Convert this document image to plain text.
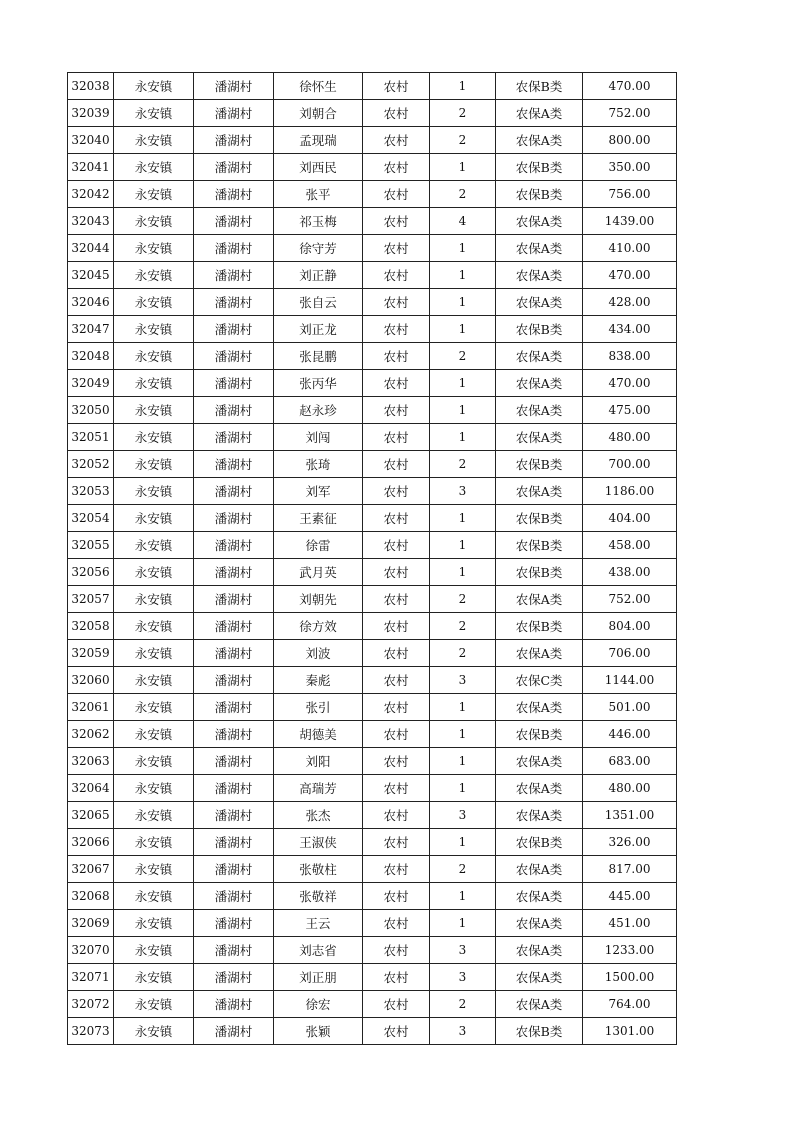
32038	永安镇	潘湖村	徐怀生	农村	1	农保B类	470.00
32039	永安镇	潘湖村	刘朝合	农村	2	农保A类	752.00
32040	永安镇	潘湖村	孟现瑞	农村	2	农保A类	800.00
32041	永安镇	潘湖村	刘西民	农村	1	农保B类	350.00
32042	永安镇	潘湖村	张平	农村	2	农保B类	756.00
32043	永安镇	潘湖村	祁玉梅	农村	4	农保A类	1439.00
32044	永安镇	潘湖村	徐守芳	农村	1	农保A类	410.00
32045	永安镇	潘湖村	刘正静	农村	1	农保A类	470.00
32046	永安镇	潘湖村	张自云	农村	1	农保A类	428.00
32047	永安镇	潘湖村	刘正龙	农村	1	农保B类	434.00
32048	永安镇	潘湖村	张昆鹏	农村	2	农保A类	838.00
32049	永安镇	潘湖村	张丙华	农村	1	农保A类	470.00
32050	永安镇	潘湖村	赵永珍	农村	1	农保A类	475.00
32051	永安镇	潘湖村	刘闯	农村	1	农保A类	480.00
32052	永安镇	潘湖村	张琦	农村	2	农保B类	700.00
32053	永安镇	潘湖村	刘军	农村	3	农保A类	1186.00
32054	永安镇	潘湖村	王素征	农村	1	农保B类	404.00
32055	永安镇	潘湖村	徐雷	农村	1	农保B类	458.00
32056	永安镇	潘湖村	武月英	农村	1	农保B类	438.00
32057	永安镇	潘湖村	刘朝先	农村	2	农保A类	752.00
32058	永安镇	潘湖村	徐方效	农村	2	农保B类	804.00
32059	永安镇	潘湖村	刘波	农村	2	农保A类	706.00
32060	永安镇	潘湖村	秦彪	农村	3	农保C类	1144.00
32061	永安镇	潘湖村	张引	农村	1	农保A类	501.00
32062	永安镇	潘湖村	胡德美	农村	1	农保B类	446.00
32063	永安镇	潘湖村	刘阳	农村	1	农保A类	683.00
32064	永安镇	潘湖村	高瑞芳	农村	1	农保A类	480.00
32065	永安镇	潘湖村	张杰	农村	3	农保A类	1351.00
32066	永安镇	潘湖村	王淑侠	农村	1	农保B类	326.00
32067	永安镇	潘湖村	张敬柱	农村	2	农保A类	817.00
32068	永安镇	潘湖村	张敬祥	农村	1	农保A类	445.00
32069	永安镇	潘湖村	王云	农村	1	农保A类	451.00
32070	永安镇	潘湖村	刘志省	农村	3	农保A类	1233.00
32071	永安镇	潘湖村	刘正朋	农村	3	农保A类	1500.00
32072	永安镇	潘湖村	徐宏	农村	2	农保A类	764.00
32073	永安镇	潘湖村	张颖	农村	3	农保B类	1301.00
